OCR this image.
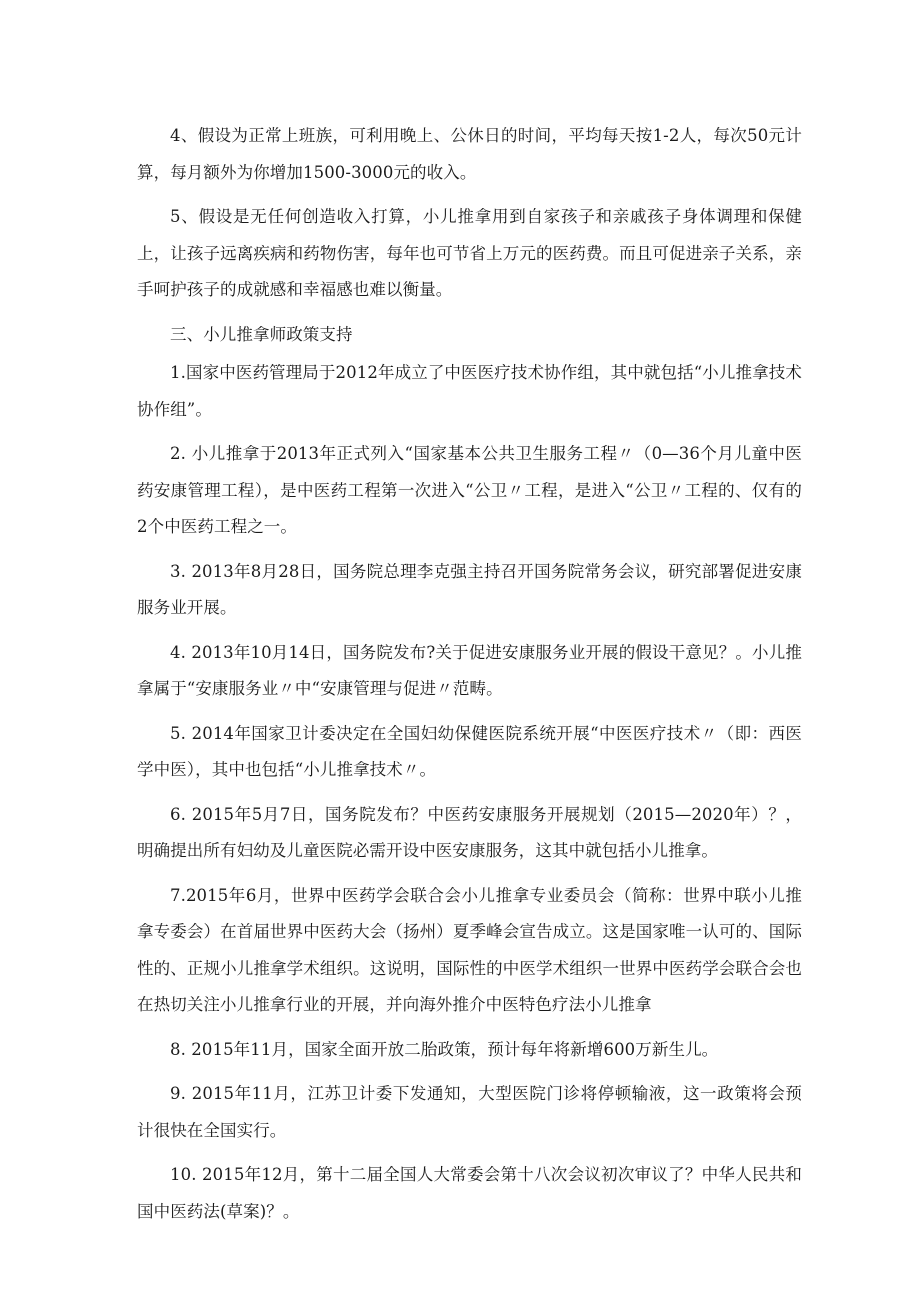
4、假设为正常上班族，可利用晚上、公休日的时间，平均每天按1-2人，每次50元计算，每月额外为你增加1500-3000元的收入。

5、假设是无任何创造收入打算，小儿推拿用到自家孩子和亲戚孩子身体调理和保健上，让孩子远离疾病和药物伤害，每年也可节省上万元的医药费。而且可促进亲子关系，亲手呵护孩子的成就感和幸福感也难以衡量。

三、小儿推拿师政策支持

1.国家中医药管理局于2012年成立了中医医疗技术协作组，其中就包括“小儿推拿技术协作组”。

2. 小儿推拿于2013年正式列入“国家基本公共卫生服务工程〃（0—36个月儿童中医药安康管理工程），是中医药工程第一次进入“公卫〃工程，是进入“公卫〃工程的、仅有的2个中医药工程之一。

3. 2013年8月28日，国务院总理李克强主持召开国务院常务会议，研究部署促进安康服务业开展。

4. 2013年10月14日，国务院发布?关于促进安康服务业开展的假设干意见？。小儿推拿属于“安康服务业〃中“安康管理与促进〃范畴。

5. 2014年国家卫计委决定在全国妇幼保健医院系统开展“中医医疗技术〃（即：西医学中医），其中也包括“小儿推拿技术〃。

6. 2015年5月7日，国务院发布？中医药安康服务开展规划（2015—2020年）？，明确提出所有妇幼及儿童医院必需开设中医安康服务，这其中就包括小儿推拿。

7.2015年6月，世界中医药学会联合会小儿推拿专业委员会（简称：世界中联小儿推拿专委会）在首届世界中医药大会（扬州）夏季峰会宣告成立。这是国家唯一认可的、国际性的、正规小儿推拿学术组织。这说明，国际性的中医学术组织一世界中医药学会联合会也在热切关注小儿推拿行业的开展，并向海外推介中医特色疗法小儿推拿

8. 2015年11月，国家全面开放二胎政策，预计每年将新增600万新生儿。

9. 2015年11月，江苏卫计委下发通知，大型医院门诊将停顿输液，这一政策将会预计很快在全国实行。

10. 2015年12月，第十二届全国人大常委会第十八次会议初次审议了？中华人民共和国中医药法(草案)？。
